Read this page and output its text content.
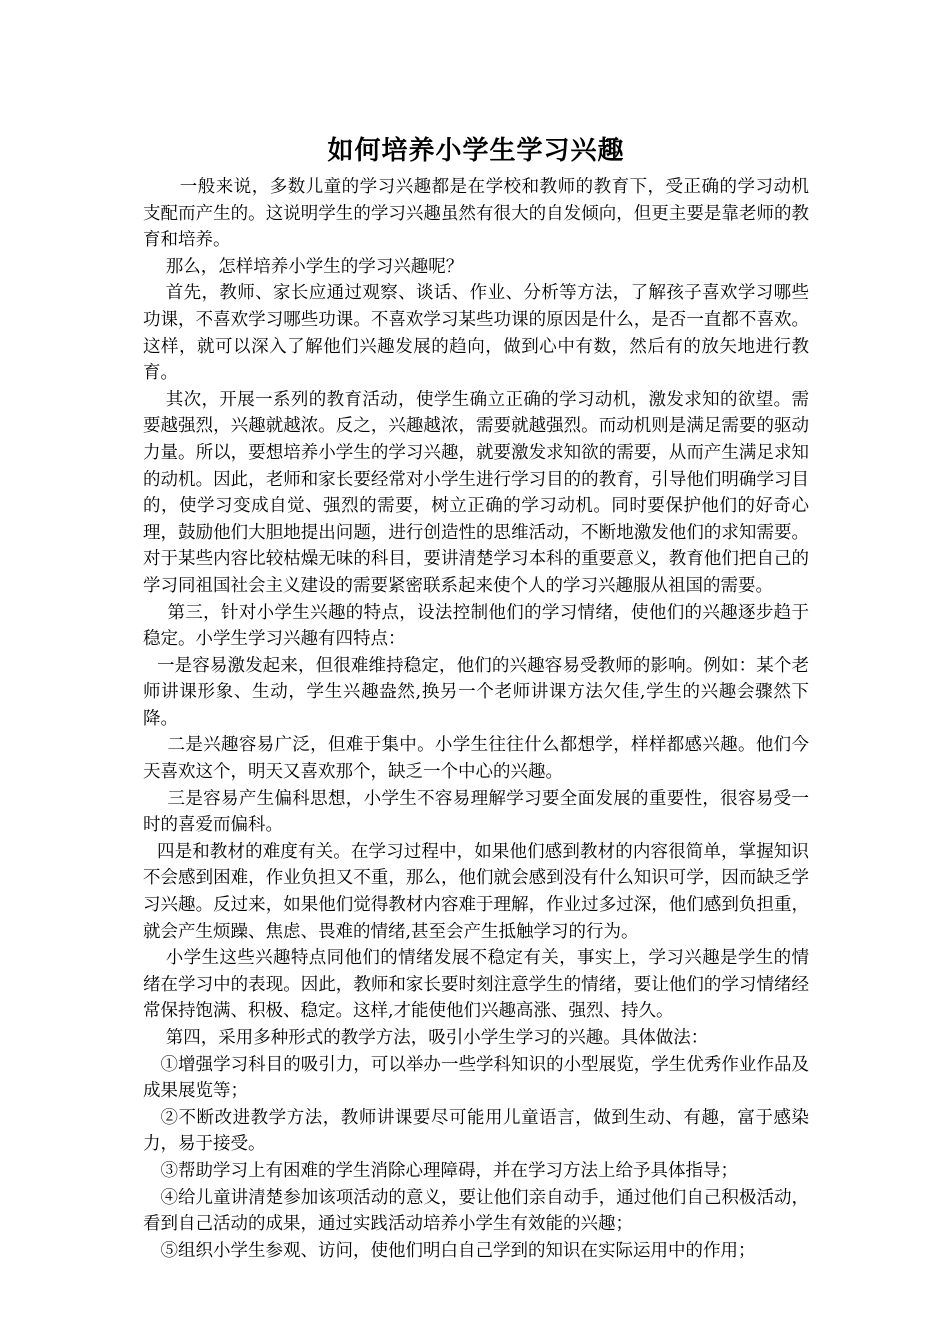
如何培养小学生学习兴趣

一般来说，多数儿童的学习兴趣都是在学校和教师的教育下，受正确的学习动机支配而产生的。这说明学生的学习兴趣虽然有很大的自发倾向，但更主要是靠老师的教育和培养。

那么，怎样培养小学生的学习兴趣呢？

首先，教师、家长应通过观察、谈话、作业、分析等方法，了解孩子喜欢学习哪些功课，不喜欢学习哪些功课。不喜欢学习某些功课的原因是什么，是否一直都不喜欢。这样，就可以深入了解他们兴趣发展的趋向，做到心中有数，然后有的放矢地进行教育。

其次，开展一系列的教育活动，使学生确立正确的学习动机，激发求知的欲望。需要越强烈，兴趣就越浓。反之，兴趣越浓，需要就越强烈。而动机则是满足需要的驱动力量。所以，要想培养小学生的学习兴趣，就要激发求知欲的需要，从而产生满足求知的动机。因此，老师和家长要经常对小学生进行学习目的的教育，引导他们明确学习目的，使学习变成自觉、强烈的需要，树立正确的学习动机。同时要保护他们的好奇心理，鼓励他们大胆地提出问题，进行创造性的思维活动，不断地激发他们的求知需要。对于某些内容比较枯燥无味的科目，要讲清楚学习本科的重要意义，教育他们把自己的学习同祖国社会主义建设的需要紧密联系起来使个人的学习兴趣服从祖国的需要。

第三，针对小学生兴趣的特点，设法控制他们的学习情绪，使他们的兴趣逐步趋于稳定。小学生学习兴趣有四特点：

一是容易激发起来，但很难维持稳定，他们的兴趣容易受教师的影响。例如：某个老师讲课形象、生动，学生兴趣盎然,换另一个老师讲课方法欠佳,学生的兴趣会骤然下降。

二是兴趣容易广泛，但难于集中。小学生往往什么都想学，样样都感兴趣。他们今天喜欢这个，明天又喜欢那个，缺乏一个中心的兴趣。

三是容易产生偏科思想，小学生不容易理解学习要全面发展的重要性，很容易受一时的喜爱而偏科。

四是和教材的难度有关。在学习过程中，如果他们感到教材的内容很简单，掌握知识不会感到困难，作业负担又不重，那么，他们就会感到没有什么知识可学，因而缺乏学习兴趣。反过来，如果他们觉得教材内容难于理解，作业过多过深，他们感到负担重，就会产生烦躁、焦虑、畏难的情绪,甚至会产生抵触学习的行为。

小学生这些兴趣特点同他们的情绪发展不稳定有关，事实上，学习兴趣是学生的情绪在学习中的表现。因此，教师和家长要时刻注意学生的情绪，要让他们的学习情绪经常保持饱满、积极、稳定。这样,才能使他们兴趣高涨、强烈、持久。

第四，采用多种形式的教学方法，吸引小学生学习的兴趣。具体做法：

①增强学习科目的吸引力，可以举办一些学科知识的小型展览，学生优秀作业作品及成果展览等；

②不断改进教学方法，教师讲课要尽可能用儿童语言，做到生动、有趣，富于感染力，易于接受。

③帮助学习上有困难的学生消除心理障碍，并在学习方法上给予具体指导；

④给儿童讲清楚参加该项活动的意义，要让他们亲自动手，通过他们自己积极活动，看到自己活动的成果，通过实践活动培养小学生有效能的兴趣；

⑤组织小学生参观、访问，使他们明白自己学到的知识在实际运用中的作用；
